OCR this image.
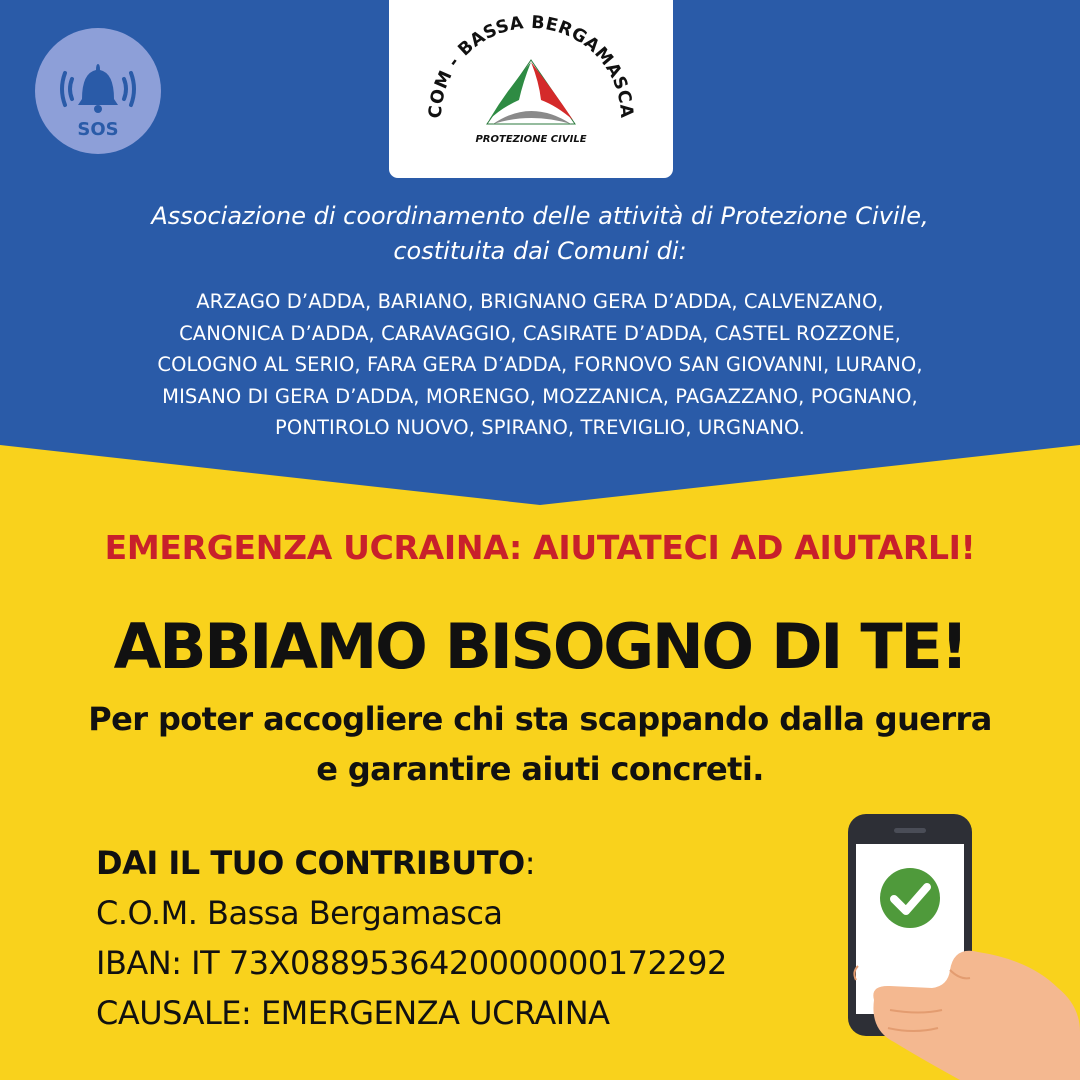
SOS
COM - BASSA BERGAMASCA
PROTEZIONE CIVILE
Associazione di coordinamento delle attività di Protezione Civile,
costituita dai Comuni di:
ARZAGO D’ADDA, BARIANO, BRIGNANO GERA D’ADDA, CALVENZANO,
CANONICA D’ADDA, CARAVAGGIO, CASIRATE D’ADDA, CASTEL ROZZONE,
COLOGNO AL SERIO, FARA GERA D’ADDA, FORNOVO SAN GIOVANNI, LURANO,
MISANO DI GERA D’ADDA, MORENGO, MOZZANICA, PAGAZZANO, POGNANO,
PONTIROLO NUOVO, SPIRANO, TREVIGLIO, URGNANO.
EMERGENZA UCRAINA: AIUTATECI AD AIUTARLI!
ABBIAMO BISOGNO DI TE!
Per poter accogliere chi sta scappando dalla guerra
e garantire aiuti concreti.
DAI IL TUO CONTRIBUTO:
C.O.M. Bassa Bergamasca
IBAN: IT 73X0889536420000000172292
CAUSALE: EMERGENZA UCRAINA
